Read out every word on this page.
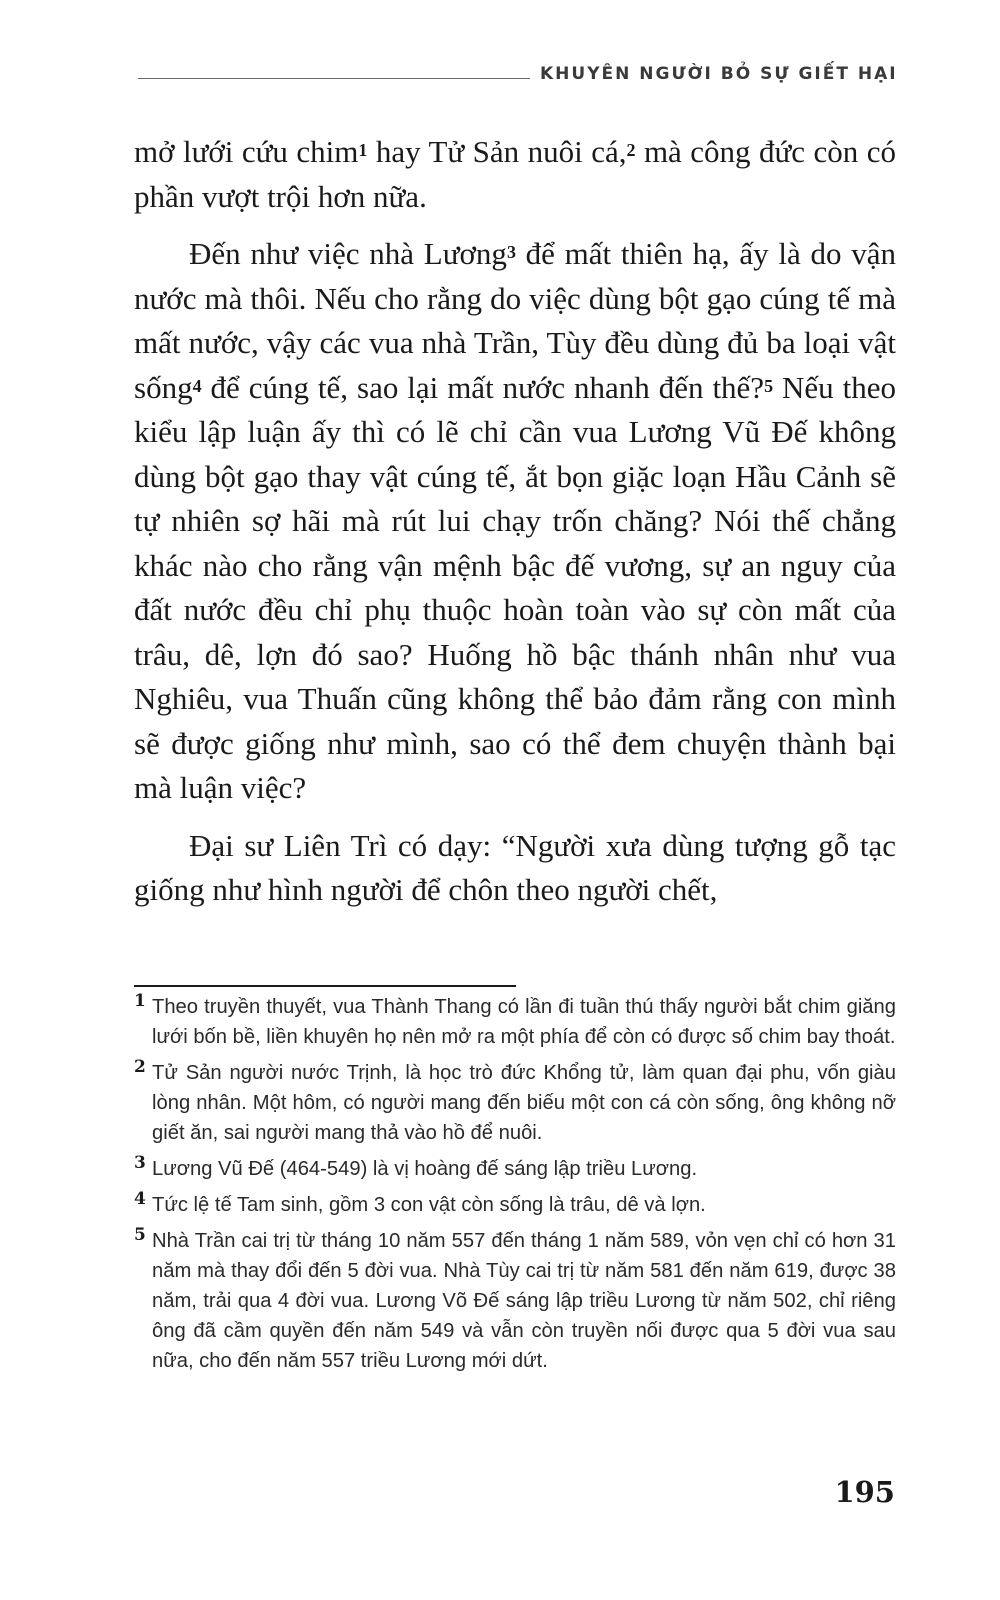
KHUYÊN NGƯỜI BỎ SỰ GIẾT HẠI

mở lưới cứu chim$^1$ hay Tử Sản nuôi cá,$^2$ mà công đức còn có phần vượt trội hơn nữa.

Đến như việc nhà Lương$^3$ để mất thiên hạ, ấy là do vận nước mà thôi. Nếu cho rằng do việc dùng bột gạo cúng tế mà mất nước, vậy các vua nhà Trần, Tùy đều dùng đủ ba loại vật sống$^4$ để cúng tế, sao lại mất nước nhanh đến thế?$^5$ Nếu theo kiểu lập luận ấy thì có lẽ chỉ cần vua Lương Vũ Đế không dùng bột gạo thay vật cúng tế, ắt bọn giặc loạn Hầu Cảnh sẽ tự nhiên sợ hãi mà rút lui chạy trốn chăng? Nói thế chẳng khác nào cho rằng vận mệnh bậc đế vương, sự an nguy của đất nước đều chỉ phụ thuộc hoàn toàn vào sự còn mất của trâu, dê, lợn đó sao? Huống hồ bậc thánh nhân như vua Nghiêu, vua Thuấn cũng không thể bảo đảm rằng con mình sẽ được giống như mình, sao có thể đem chuyện thành bại mà luận việc?

Đại sư Liên Trì có dạy: “Người xưa dùng tượng gỗ tạc giống như hình người để chôn theo người chết,

1 Theo truyền thuyết, vua Thành Thang có lần đi tuần thú thấy người bắt chim giăng lưới bốn bề, liền khuyên họ nên mở ra một phía để còn có được số chim bay thoát.
2 Tử Sản người nước Trịnh, là học trò đức Khổng tử, làm quan đại phu, vốn giàu lòng nhân. Một hôm, có người mang đến biếu một con cá còn sống, ông không nỡ giết ăn, sai người mang thả vào hồ để nuôi.
3 Lương Vũ Đế (464-549) là vị hoàng đế sáng lập triều Lương.
4 Tức lệ tế Tam sinh, gồm 3 con vật còn sống là trâu, dê và lợn.
5 Nhà Trần cai trị từ tháng 10 năm 557 đến tháng 1 năm 589, vỏn vẹn chỉ có hơn 31 năm mà thay đổi đến 5 đời vua. Nhà Tùy cai trị từ năm 581 đến năm 619, được 38 năm, trải qua 4 đời vua. Lương Võ Đế sáng lập triều Lương từ năm 502, chỉ riêng ông đã cầm quyền đến năm 549 và vẫn còn truyền nối được qua 5 đời vua sau nữa, cho đến năm 557 triều Lương mới dứt.
195
